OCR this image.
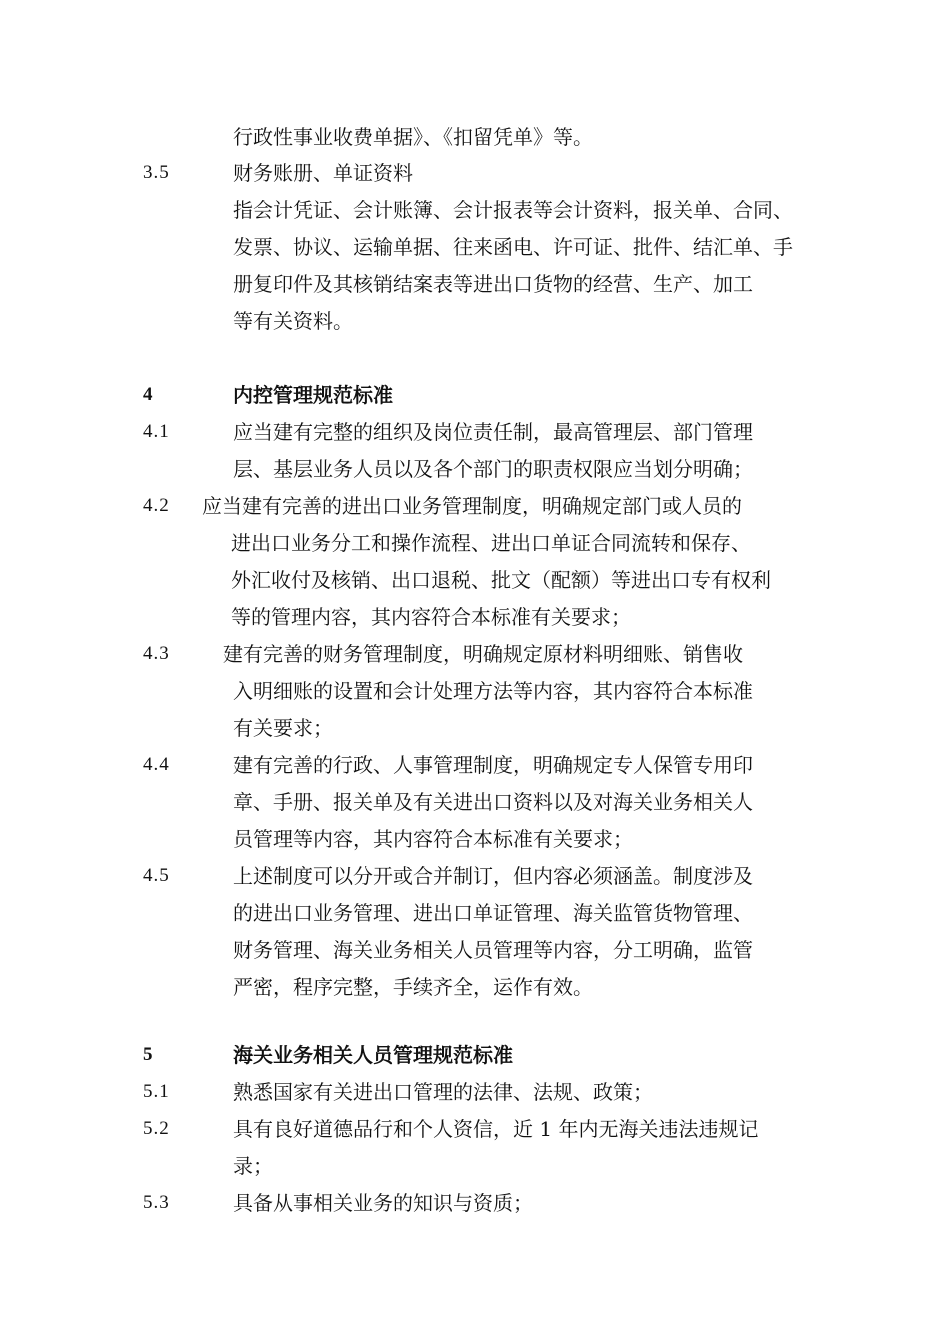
行政性事业收费单据》、《扣留凭单》等。
3.5	财务账册、单证资料
指会计凭证、会计账簿、会计报表等会计资料，报关单、合同、
发票、协议、运输单据、往来函电、许可证、批件、结汇单、手
册复印件及其核销结案表等进出口货物的经营、生产、加工
等有关资料。
4	内控管理规范标准
4.1	应当建有完整的组织及岗位责任制，最高管理层、部门管理
层、基层业务人员以及各个部门的职责权限应当划分明确；
4.2 应当建有完善的进出口业务管理制度，明确规定部门或人员的
进出口业务分工和操作流程、进出口单证合同流转和保存、
外汇收付及核销、出口退税、批文（配额）等进出口专有权利
等的管理内容，其内容符合本标准有关要求；
4.3	建有完善的财务管理制度，明确规定原材料明细账、销售收
入明细账的设置和会计处理方法等内容，其内容符合本标准
有关要求；
4.4	建有完善的行政、人事管理制度，明确规定专人保管专用印
章、手册、报关单及有关进出口资料以及对海关业务相关人
员管理等内容，其内容符合本标准有关要求；
4.5	上述制度可以分开或合并制订，但内容必须涵盖。制度涉及
的进出口业务管理、进出口单证管理、海关监管货物管理、
财务管理、海关业务相关人员管理等内容，分工明确，监管
严密，程序完整，手续齐全，运作有效。
5	海关业务相关人员管理规范标准
5.1	熟悉国家有关进出口管理的法律、法规、政策；
5.2	具有良好道德品行和个人资信，近 1 年内无海关违法违规记
录；
5.3	具备从事相关业务的知识与资质；
